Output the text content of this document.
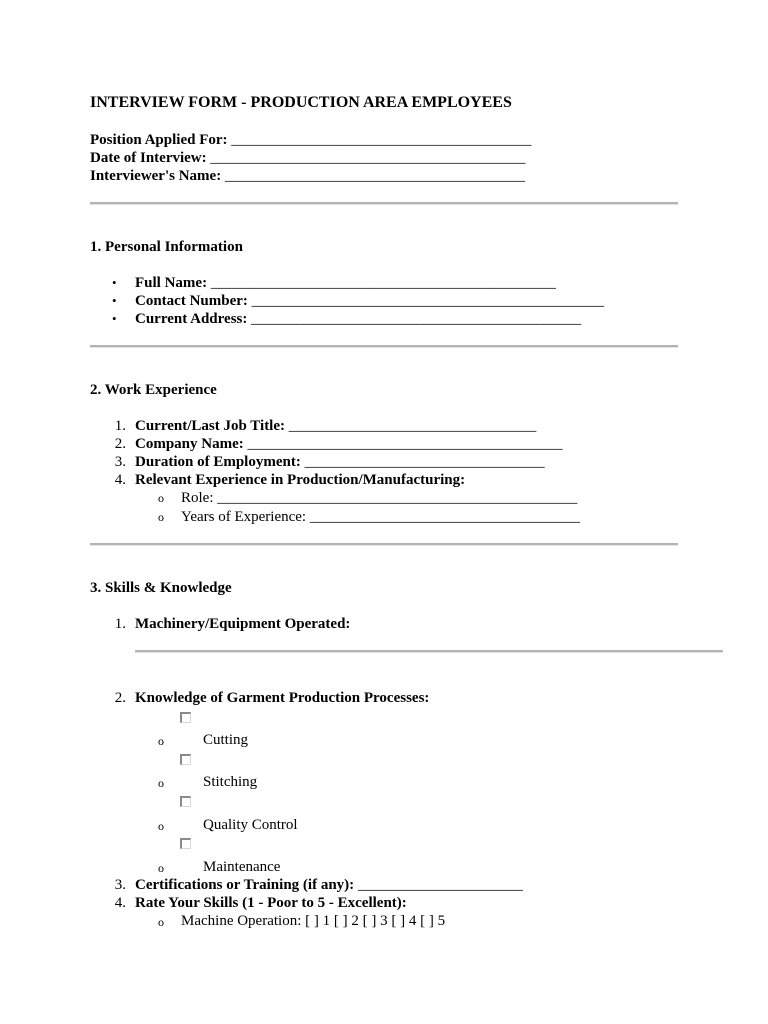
INTERVIEW FORM - PRODUCTION AREA EMPLOYEES
Position Applied For: ________________________________________
Date of Interview: __________________________________________
Interviewer's Name: ________________________________________
1. Personal Information
• Full Name: ______________________________________________
• Contact Number: _______________________________________________
• Current Address: ____________________________________________
2. Work Experience
1. Current/Last Job Title: _________________________________
2. Company Name: __________________________________________
3. Duration of Employment: ________________________________
4. Relevant Experience in Production/Manufacturing:
o Role: ________________________________________________
o Years of Experience: ____________________________________
3. Skills & Knowledge
1. Machinery/Equipment Operated:
2. Knowledge of Garment Production Processes:
o	Cutting
o	Stitching
o	Quality Control
o	Maintenance
3. Certifications or Training (if any): ______________________
4. Rate Your Skills (1 - Poor to 5 - Excellent):
o Machine Operation: [ ] 1 [ ] 2 [ ] 3 [ ] 4 [ ] 5
